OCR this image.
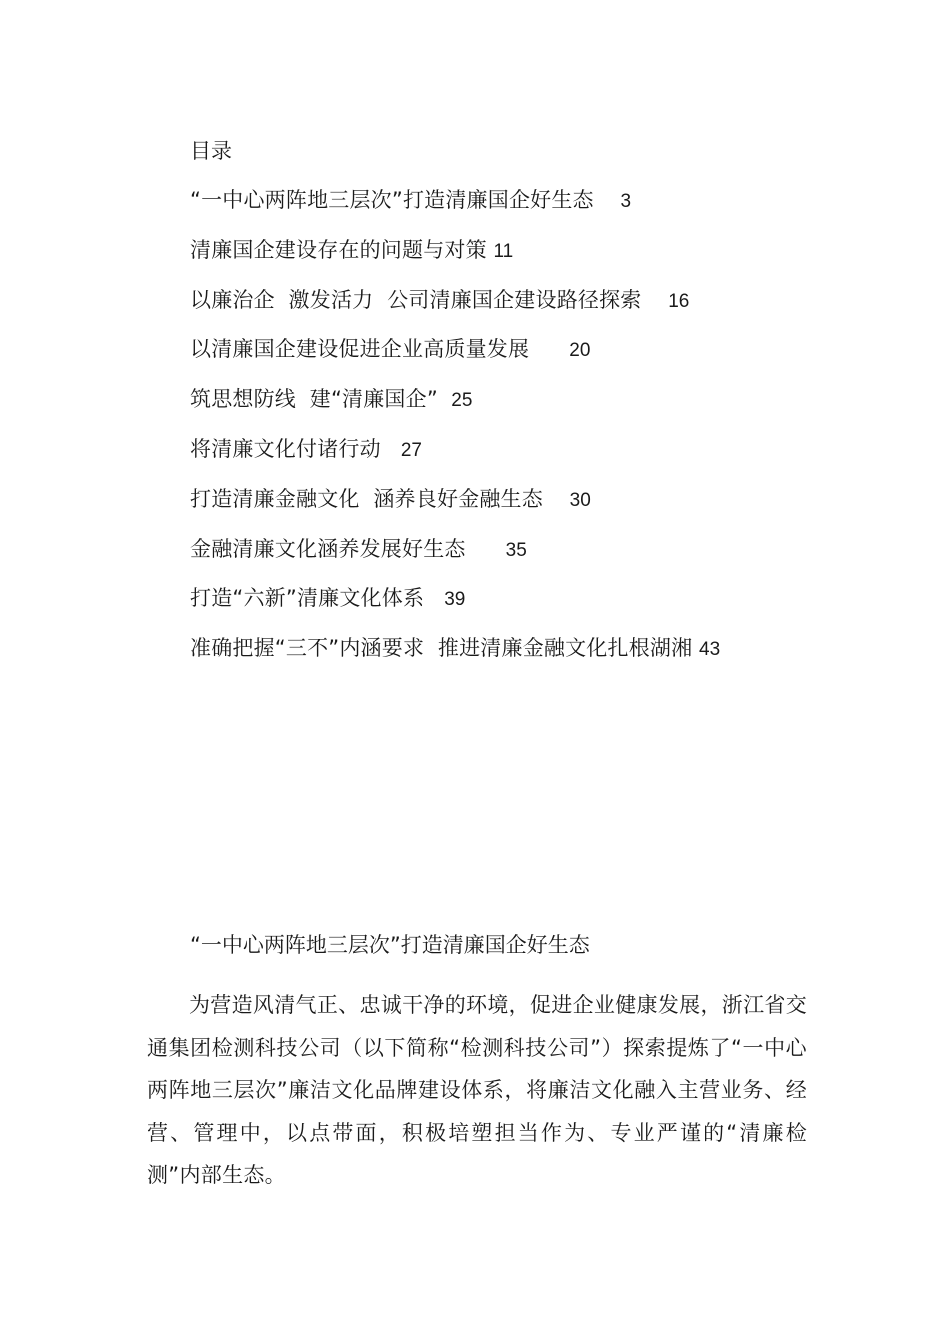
目录
“一中心两阵地三层次”打造清廉国企好生态 3
清廉国企建设存在的问题与对策 11
以廉治企  激发活力  公司清廉国企建设路径探索 16
以清廉国企建设促进企业高质量发展 20
筑思想防线  建“清廉国企” 25
将清廉文化付诸行动 27
打造清廉金融文化  涵养良好金融生态 30
金融清廉文化涵养发展好生态 35
打造“六新”清廉文化体系 39
准确把握“三不”内涵要求  推进清廉金融文化扎根湖湘 43
“一中心两阵地三层次”打造清廉国企好生态

为营造风清气正、忠诚干净的环境，促进企业健康发展，浙江省交通集团检测科技公司（以下简称“检测科技公司”）探索提炼了“一中心两阵地三层次”廉洁文化品牌建设体系，将廉洁文化融入主营业务、经营、管理中，以点带面，积极培塑担当作为、专业严谨的“清廉检测”内部生态。
